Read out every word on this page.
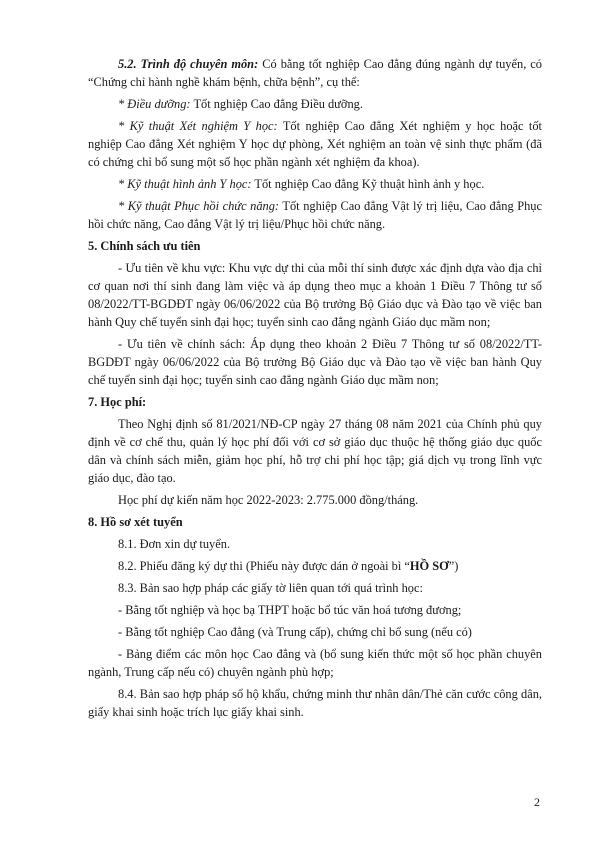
5.2. Trình độ chuyên môn: Có bằng tốt nghiệp Cao đẳng đúng ngành dự tuyển, có “Chứng chỉ hành nghề khám bệnh, chữa bệnh”, cụ thể:

* Điều dưỡng: Tốt nghiệp Cao đẳng Điều dưỡng.

* Kỹ thuật Xét nghiệm Y học: Tốt nghiệp Cao đẳng Xét nghiệm y học hoặc tốt nghiệp Cao đẳng Xét nghiệm Y học dự phòng, Xét nghiệm an toàn vệ sinh thực phẩm (đã có chứng chỉ bổ sung một số học phần ngành xét nghiệm đa khoa).

* Kỹ thuật hình ảnh Y học: Tốt nghiệp Cao đẳng Kỹ thuật hình ảnh y học.

* Kỹ thuật Phục hồi chức năng: Tốt nghiệp Cao đẳng Vật lý trị liệu, Cao đẳng Phục hồi chức năng, Cao đẳng Vật lý trị liệu/Phục hồi chức năng.

5. Chính sách ưu tiên

- Ưu tiên về khu vực: Khu vực dự thi của mỗi thí sinh được xác định dựa vào địa chỉ cơ quan nơi thí sinh đang làm việc và áp dụng theo mục a khoản 1 Điều 7 Thông tư số 08/2022/TT-BGDĐT ngày 06/06/2022 của Bộ trưởng Bộ Giáo dục và Đào tạo về việc ban hành Quy chế tuyển sinh đại học; tuyển sinh cao đẳng ngành Giáo dục mầm non;

- Ưu tiên về chính sách: Áp dụng theo khoản 2 Điều 7 Thông tư số 08/2022/TT-BGDĐT ngày 06/06/2022 của Bộ trưởng Bộ Giáo dục và Đào tạo về việc ban hành Quy chế tuyển sinh đại học; tuyển sinh cao đẳng ngành Giáo dục mầm non;

7. Học phí:

Theo Nghị định số 81/2021/NĐ-CP ngày 27 tháng 08 năm 2021 của Chính phủ quy định về cơ chế thu, quản lý học phí đối với cơ sở giáo dục thuộc hệ thống giáo dục quốc dân và chính sách miễn, giảm học phí, hỗ trợ chi phí học tập; giá dịch vụ trong lĩnh vực giáo dục, đào tạo.

Học phí dự kiến năm học 2022-2023: 2.775.000 đồng/tháng.

8. Hồ sơ xét tuyển

8.1. Đơn xin dự tuyển.

8.2. Phiếu đăng ký dự thi (Phiếu này được dán ở ngoài bì “HỒ SƠ”)

8.3. Bản sao hợp pháp các giấy tờ liên quan tới quá trình học:

- Bằng tốt nghiệp và học bạ THPT hoặc bổ túc văn hoá tương đương;

- Bằng tốt nghiệp Cao đẳng (và Trung cấp), chứng chỉ bổ sung (nếu có)

- Bảng điểm các môn học Cao đẳng và (bổ sung kiến thức một số học phần chuyên ngành, Trung cấp nếu có) chuyên ngành phù hợp;

8.4. Bản sao hợp pháp sổ hộ khẩu, chứng minh thư nhân dân/Thẻ căn cước công dân, giấy khai sinh hoặc trích lục giấy khai sinh.

2
